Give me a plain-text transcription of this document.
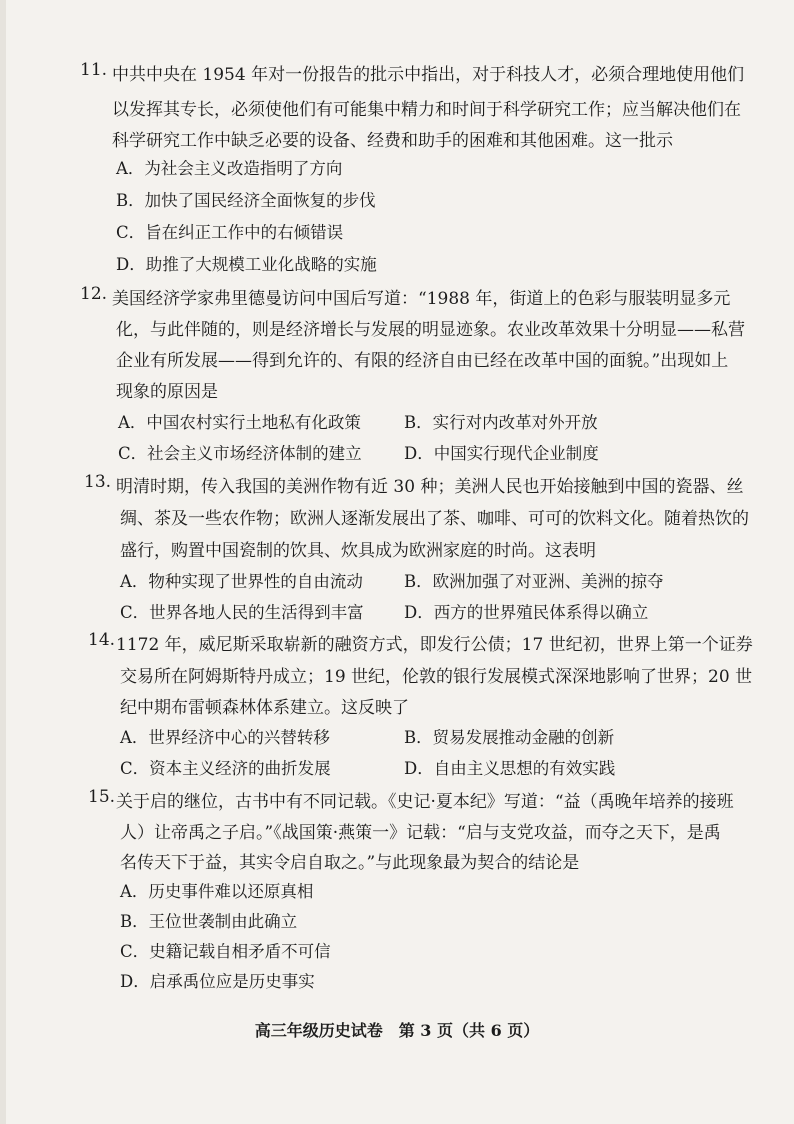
11. 中共中央在 1954 年对一份报告的批示中指出，对于科技人才，必须合理地使用他们
以发挥其专长，必须使他们有可能集中精力和时间于科学研究工作；应当解决他们在
科学研究工作中缺乏必要的设备、经费和助手的困难和其他困难。这一批示
A．为社会主义改造指明了方向
B．加快了国民经济全面恢复的步伐
C．旨在纠正工作中的右倾错误
D．助推了大规模工业化战略的实施
12. 美国经济学家弗里德曼访问中国后写道：“1988 年，街道上的色彩与服装明显多元
化，与此伴随的，则是经济增长与发展的明显迹象。农业改革效果十分明显——私营
企业有所发展——得到允许的、有限的经济自由已经在改革中国的面貌。”出现如上
现象的原因是
A．中国农村实行土地私有化政策	B．实行对内改革对外开放
C．社会主义市场经济体制的建立	D．中国实行现代企业制度
13. 明清时期，传入我国的美洲作物有近 30 种；美洲人民也开始接触到中国的瓷器、丝
绸、茶及一些农作物；欧洲人逐渐发展出了茶、咖啡、可可的饮料文化。随着热饮的
盛行，购置中国瓷制的饮具、炊具成为欧洲家庭的时尚。这表明
A．物种实现了世界性的自由流动 B．欧洲加强了对亚洲、美洲的掠夺
C．世界各地人民的生活得到丰富 D．西方的世界殖民体系得以确立
14. 1172 年，威尼斯采取崭新的融资方式，即发行公债；17 世纪初，世界上第一个证券
交易所在阿姆斯特丹成立；19 世纪，伦敦的银行发展模式深深地影响了世界；20 世
纪中期布雷顿森林体系建立。这反映了
A．世界经济中心的兴替转移	B．贸易发展推动金融的创新
C．资本主义经济的曲折发展	D．自由主义思想的有效实践
15. 关于启的继位，古书中有不同记载。《史记·夏本纪》写道：“益（禹晚年培养的接班
人）让帝禹之子启。”《战国策·燕策一》记载：“启与支党攻益，而夺之天下，是禹
名传天下于益，其实令启自取之。”与此现象最为契合的结论是
A．历史事件难以还原真相
B．王位世袭制由此确立
C．史籍记载自相矛盾不可信
D．启承禹位应是历史事实
高三年级历史试卷　第 3 页（共 6 页）
